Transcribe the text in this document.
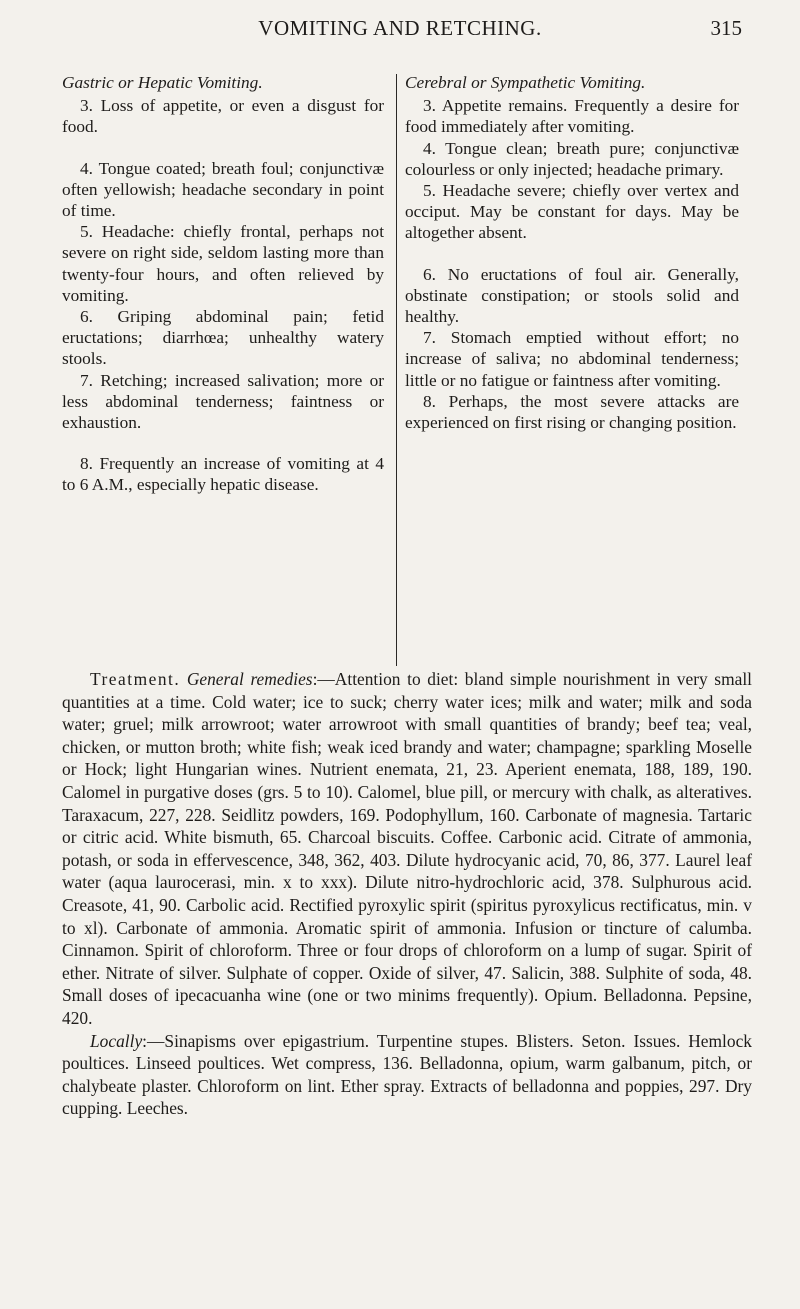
VOMITING AND RETCHING.	315
Gastric or Hepatic Vomiting.

3. Loss of appetite, or even a disgust for food.

4. Tongue coated; breath foul; conjunctivæ often yellowish; headache secondary in point of time.

5. Headache: chiefly frontal, perhaps not severe on right side, seldom lasting more than twenty-four hours, and often relieved by vomiting.

6. Griping abdominal pain; fetid eructations; diarrhœa; unhealthy watery stools.

7. Retching; increased salivation; more or less abdominal tenderness; faintness or exhaustion.

8. Frequently an increase of vomiting at 4 to 6 A.M., especially hepatic disease.

Cerebral or Sympathetic Vomiting.

3. Appetite remains. Frequently a desire for food immediately after vomiting.

4. Tongue clean; breath pure; conjunctivæ colourless or only injected; headache primary.

5. Headache severe; chiefly over vertex and occiput. May be constant for days. May be altogether absent.

6. No eructations of foul air. Generally, obstinate constipation; or stools solid and healthy.

7. Stomach emptied without effort; no increase of saliva; no abdominal tenderness; little or no fatigue or faintness after vomiting.

8. Perhaps, the most severe attacks are experienced on first rising or changing position.

Treatment. General remedies:—Attention to diet: bland simple nourishment in very small quantities at a time. Cold water; ice to suck; cherry water ices; milk and water; milk and soda water; gruel; milk arrowroot; water arrowroot with small quantities of brandy; beef tea; veal, chicken, or mutton broth; white fish; weak iced brandy and water; champagne; sparkling Moselle or Hock; light Hungarian wines. Nutrient enemata, 21, 23. Aperient enemata, 188, 189, 190. Calomel in purgative doses (grs. 5 to 10). Calomel, blue pill, or mercury with chalk, as alteratives. Taraxacum, 227, 228. Seidlitz powders, 169. Podophyllum, 160. Carbonate of magnesia. Tartaric or citric acid. White bismuth, 65. Charcoal biscuits. Coffee. Carbonic acid. Citrate of ammonia, potash, or soda in effervescence, 348, 362, 403. Dilute hydrocyanic acid, 70, 86, 377. Laurel leaf water (aqua laurocerasi, min. x to xxx). Dilute nitro-hydrochloric acid, 378. Sulphurous acid. Creasote, 41, 90. Carbolic acid. Rectified pyroxylic spirit (spiritus pyroxylicus rectificatus, min. v to xl). Carbonate of ammonia. Aromatic spirit of ammonia. Infusion or tincture of calumba. Cinnamon. Spirit of chloroform. Three or four drops of chloroform on a lump of sugar. Spirit of ether. Nitrate of silver. Sulphate of copper. Oxide of silver, 47. Salicin, 388. Sulphite of soda, 48. Small doses of ipecacuanha wine (one or two minims frequently). Opium. Belladonna. Pepsine, 420.

Locally:—Sinapisms over epigastrium. Turpentine stupes. Blisters. Seton. Issues. Hemlock poultices. Linseed poultices. Wet compress, 136. Belladonna, opium, warm galbanum, pitch, or chalybeate plaster. Chloroform on lint. Ether spray. Extracts of belladonna and poppies, 297. Dry cupping. Leeches.
